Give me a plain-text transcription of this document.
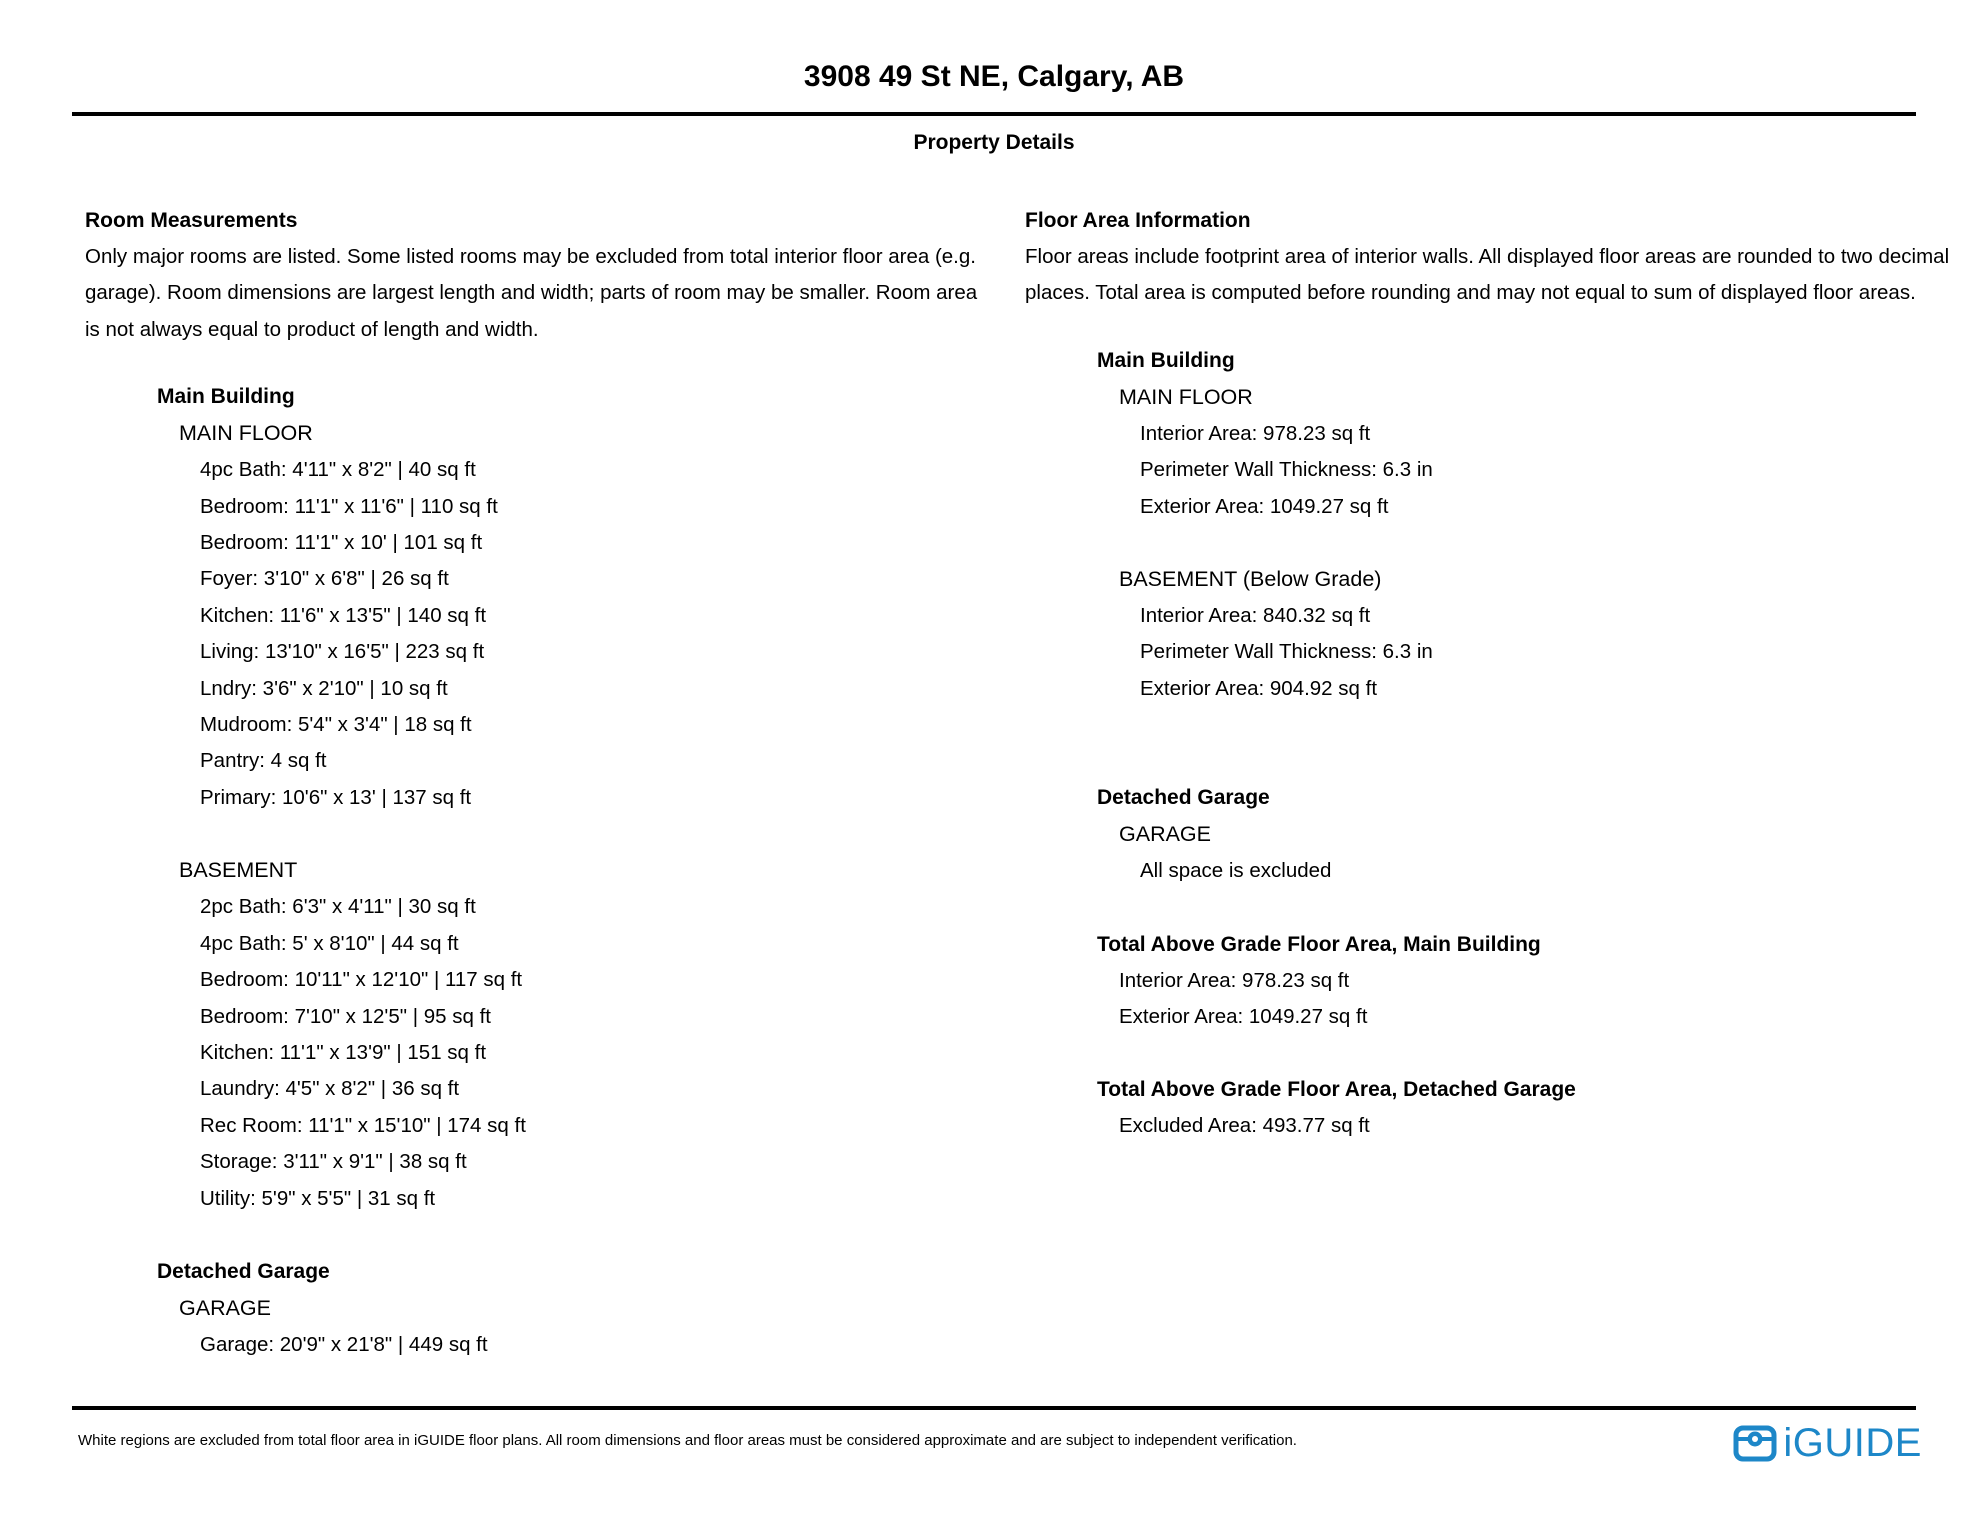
3908 49 St NE, Calgary, AB
Property Details
Room Measurements

Only major rooms are listed. Some listed rooms may be excluded from total interior floor area (e.g. garage). Room dimensions are largest length and width; parts of room may be smaller. Room area is not always equal to product of length and width.

Main Building
MAIN FLOOR
4pc Bath: 4'11" x 8'2" | 40 sq ft
Bedroom: 11'1" x 11'6" | 110 sq ft
Bedroom: 11'1" x 10' | 101 sq ft
Foyer: 3'10" x 6'8" | 26 sq ft
Kitchen: 11'6" x 13'5" | 140 sq ft
Living: 13'10" x 16'5" | 223 sq ft
Lndry: 3'6" x 2'10" | 10 sq ft
Mudroom: 5'4" x 3'4" | 18 sq ft
Pantry: 4 sq ft
Primary: 10'6" x 13' | 137 sq ft
BASEMENT
2pc Bath: 6'3" x 4'11" | 30 sq ft
4pc Bath: 5' x 8'10" | 44 sq ft
Bedroom: 10'11" x 12'10" | 117 sq ft
Bedroom: 7'10" x 12'5" | 95 sq ft
Kitchen: 11'1" x 13'9" | 151 sq ft
Laundry: 4'5" x 8'2" | 36 sq ft
Rec Room: 11'1" x 15'10" | 174 sq ft
Storage: 3'11" x 9'1" | 38 sq ft
Utility: 5'9" x 5'5" | 31 sq ft
Detached Garage
GARAGE
Garage: 20'9" x 21'8" | 449 sq ft
Floor Area Information

Floor areas include footprint area of interior walls. All displayed floor areas are rounded to two decimal places. Total area is computed before rounding and may not equal to sum of displayed floor areas.

Main Building
MAIN FLOOR
Interior Area: 978.23 sq ft
Perimeter Wall Thickness: 6.3 in
Exterior Area: 1049.27 sq ft
BASEMENT (Below Grade)
Interior Area: 840.32 sq ft
Perimeter Wall Thickness: 6.3 in
Exterior Area: 904.92 sq ft
Detached Garage
GARAGE
All space is excluded
Total Above Grade Floor Area, Main Building
Interior Area: 978.23 sq ft
Exterior Area: 1049.27 sq ft
Total Above Grade Floor Area, Detached Garage
Excluded Area: 493.77 sq ft

White regions are excluded from total floor area in iGUIDE floor plans. All room dimensions and floor areas must be considered approximate and are subject to independent verification.	iGUIDE
